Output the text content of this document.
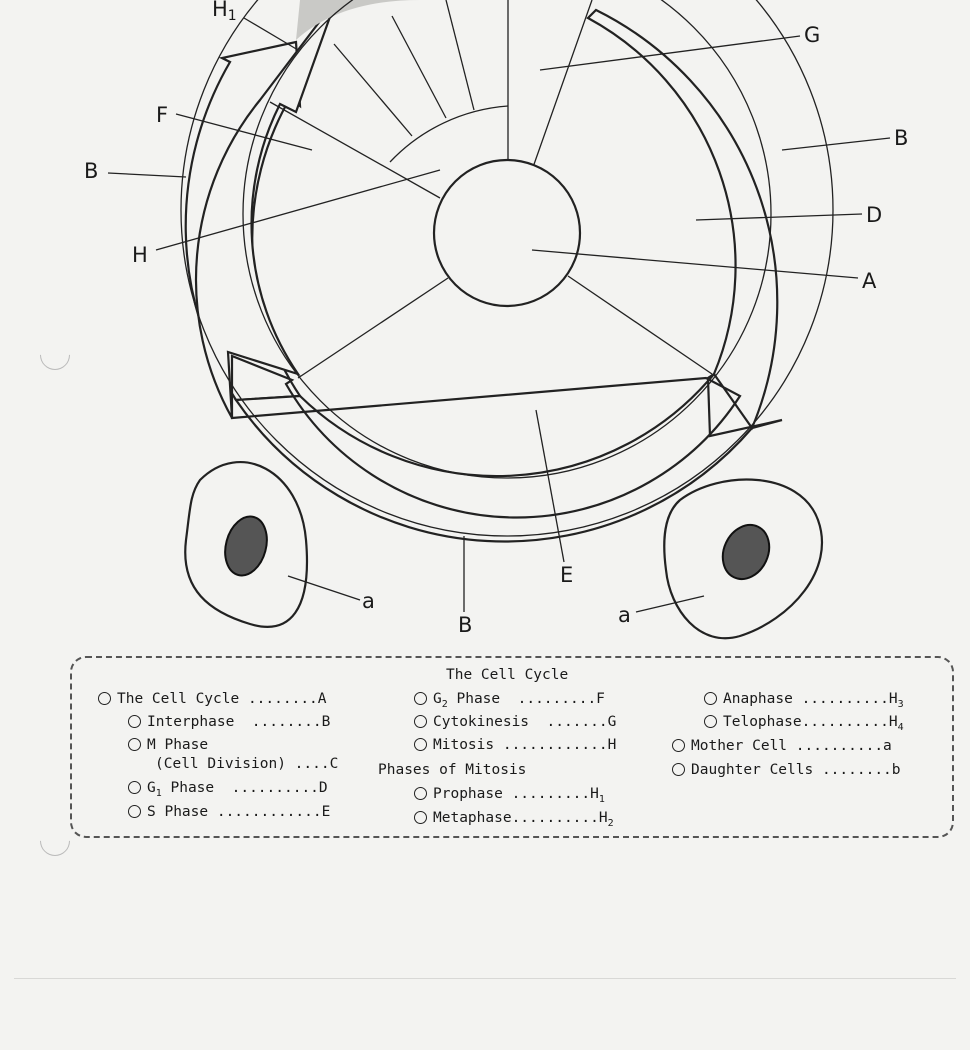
H1
G
F
B
B
D
A
H
a
a
E
B
The Cell Cycle
The Cell Cycle ........A
Interphase  ........B
M Phase
(Cell Division) ....C
$G_1$ Phase  ..........D
S Phase ............E
$G_2$ Phase  .........F
Cytokinesis  .......G
Mitosis ............H
Phases of Mitosis
Prophase $.........H_1$
$Metaphase..........H_2$
Anaphase $..........H_3$
$Telophase..........H_4$
Mother Cell ..........a
Daughter Cells ........b
